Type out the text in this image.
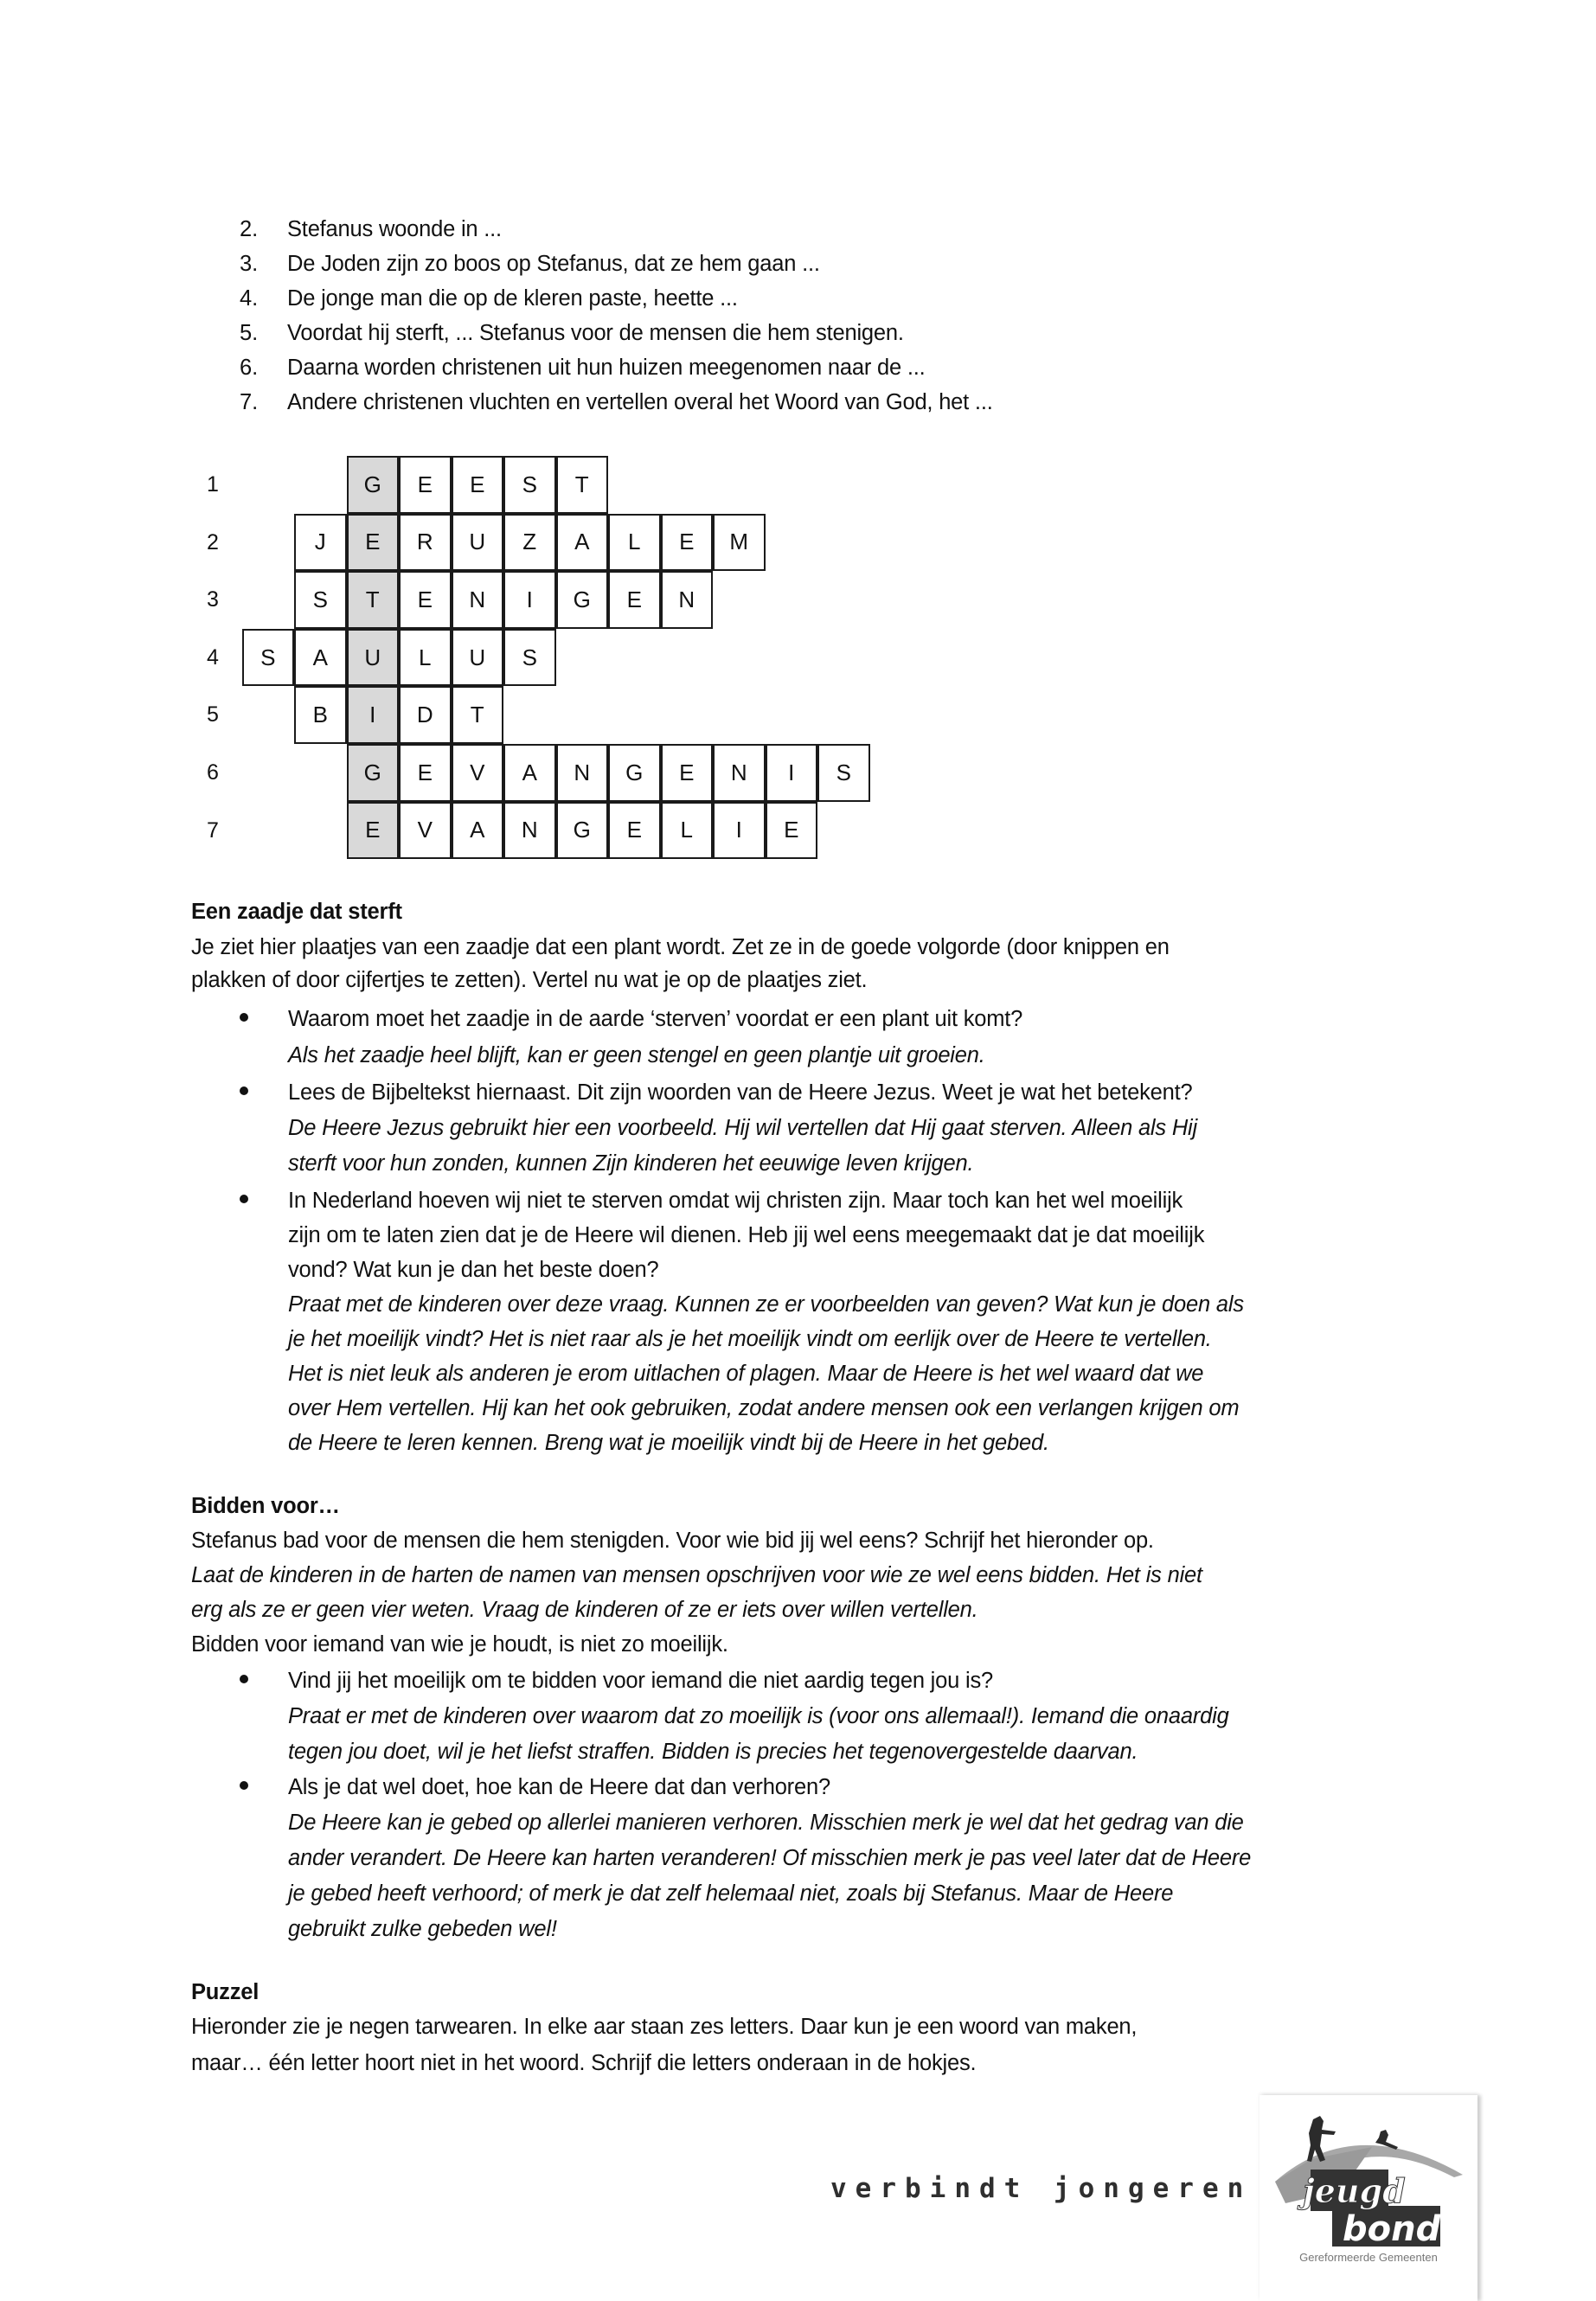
2. Stefanus woonde in ...
3. De Joden zijn zo boos op Stefanus, dat ze hem gaan ...
4. De jonge man die op de kleren paste, heette ...
5. Voordat hij sterft, ... Stefanus voor de mensen die hem stenigen.
6. Daarna worden christenen uit hun huizen meegenomen naar de ...
7. Andere christenen vluchten en vertellen overal het Woord van God, het ...
1	G	E	E	S	T
2	J	E	R	U	Z	A	L	E	M
3	S	T	E	N	I	G	E	N
4	S	A	U	L	U	S
5	B	I	D	T
6	G	E	V	A	N	G	E	N	I	S
7	E	V	A	N	G	E	L	I	E
Een zaadje dat sterft
Je ziet hier plaatjes van een zaadje dat een plant wordt. Zet ze in de goede volgorde (door knippen en
plakken of door cijfertjes te zetten). Vertel nu wat je op de plaatjes ziet.
Waarom moet het zaadje in de aarde ‘sterven’ voordat er een plant uit komt?
Als het zaadje heel blijft, kan er geen stengel en geen plantje uit groeien.
Lees de Bijbeltekst hiernaast. Dit zijn woorden van de Heere Jezus. Weet je wat het betekent?
De Heere Jezus gebruikt hier een voorbeeld. Hij wil vertellen dat Hij gaat sterven. Alleen als Hij
sterft voor hun zonden, kunnen Zijn kinderen het eeuwige leven krijgen.
In Nederland hoeven wij niet te sterven omdat wij christen zijn. Maar toch kan het wel moeilijk
zijn om te laten zien dat je de Heere wil dienen. Heb jij wel eens meegemaakt dat je dat moeilijk
vond? Wat kun je dan het beste doen?
Praat met de kinderen over deze vraag. Kunnen ze er voorbeelden van geven? Wat kun je doen als
je het moeilijk vindt? Het is niet raar als je het moeilijk vindt om eerlijk over de Heere te vertellen.
Het is niet leuk als anderen je erom uitlachen of plagen. Maar de Heere is het wel waard dat we
over Hem vertellen. Hij kan het ook gebruiken, zodat andere mensen ook een verlangen krijgen om
de Heere te leren kennen. Breng wat je moeilijk vindt bij de Heere in het gebed.
Bidden voor…
Stefanus bad voor de mensen die hem stenigden. Voor wie bid jij wel eens? Schrijf het hieronder op.
Laat de kinderen in de harten de namen van mensen opschrijven voor wie ze wel eens bidden. Het is niet
erg als ze er geen vier weten. Vraag de kinderen of ze er iets over willen vertellen.
Bidden voor iemand van wie je houdt, is niet zo moeilijk.
Vind jij het moeilijk om te bidden voor iemand die niet aardig tegen jou is?
Praat er met de kinderen over waarom dat zo moeilijk is (voor ons allemaal!). Iemand die onaardig
tegen jou doet, wil je het liefst straffen. Bidden is precies het tegenovergestelde daarvan.
Als je dat wel doet, hoe kan de Heere dat dan verhoren?
De Heere kan je gebed op allerlei manieren verhoren. Misschien merk je wel dat het gedrag van die
ander verandert. De Heere kan harten veranderen! Of misschien merk je pas veel later dat de Heere
je gebed heeft verhoord; of merk je dat zelf helemaal niet, zoals bij Stefanus. Maar de Heere
gebruikt zulke gebeden wel!
Puzzel
Hieronder zie je negen tarwearen. In elke aar staan zes letters. Daar kun je een woord van maken,
maar… één letter hoort niet in het woord. Schrijf die letters onderaan in de hokjes.
verbindt jongeren jeugd
bond
Gereformeerde Gemeenten
